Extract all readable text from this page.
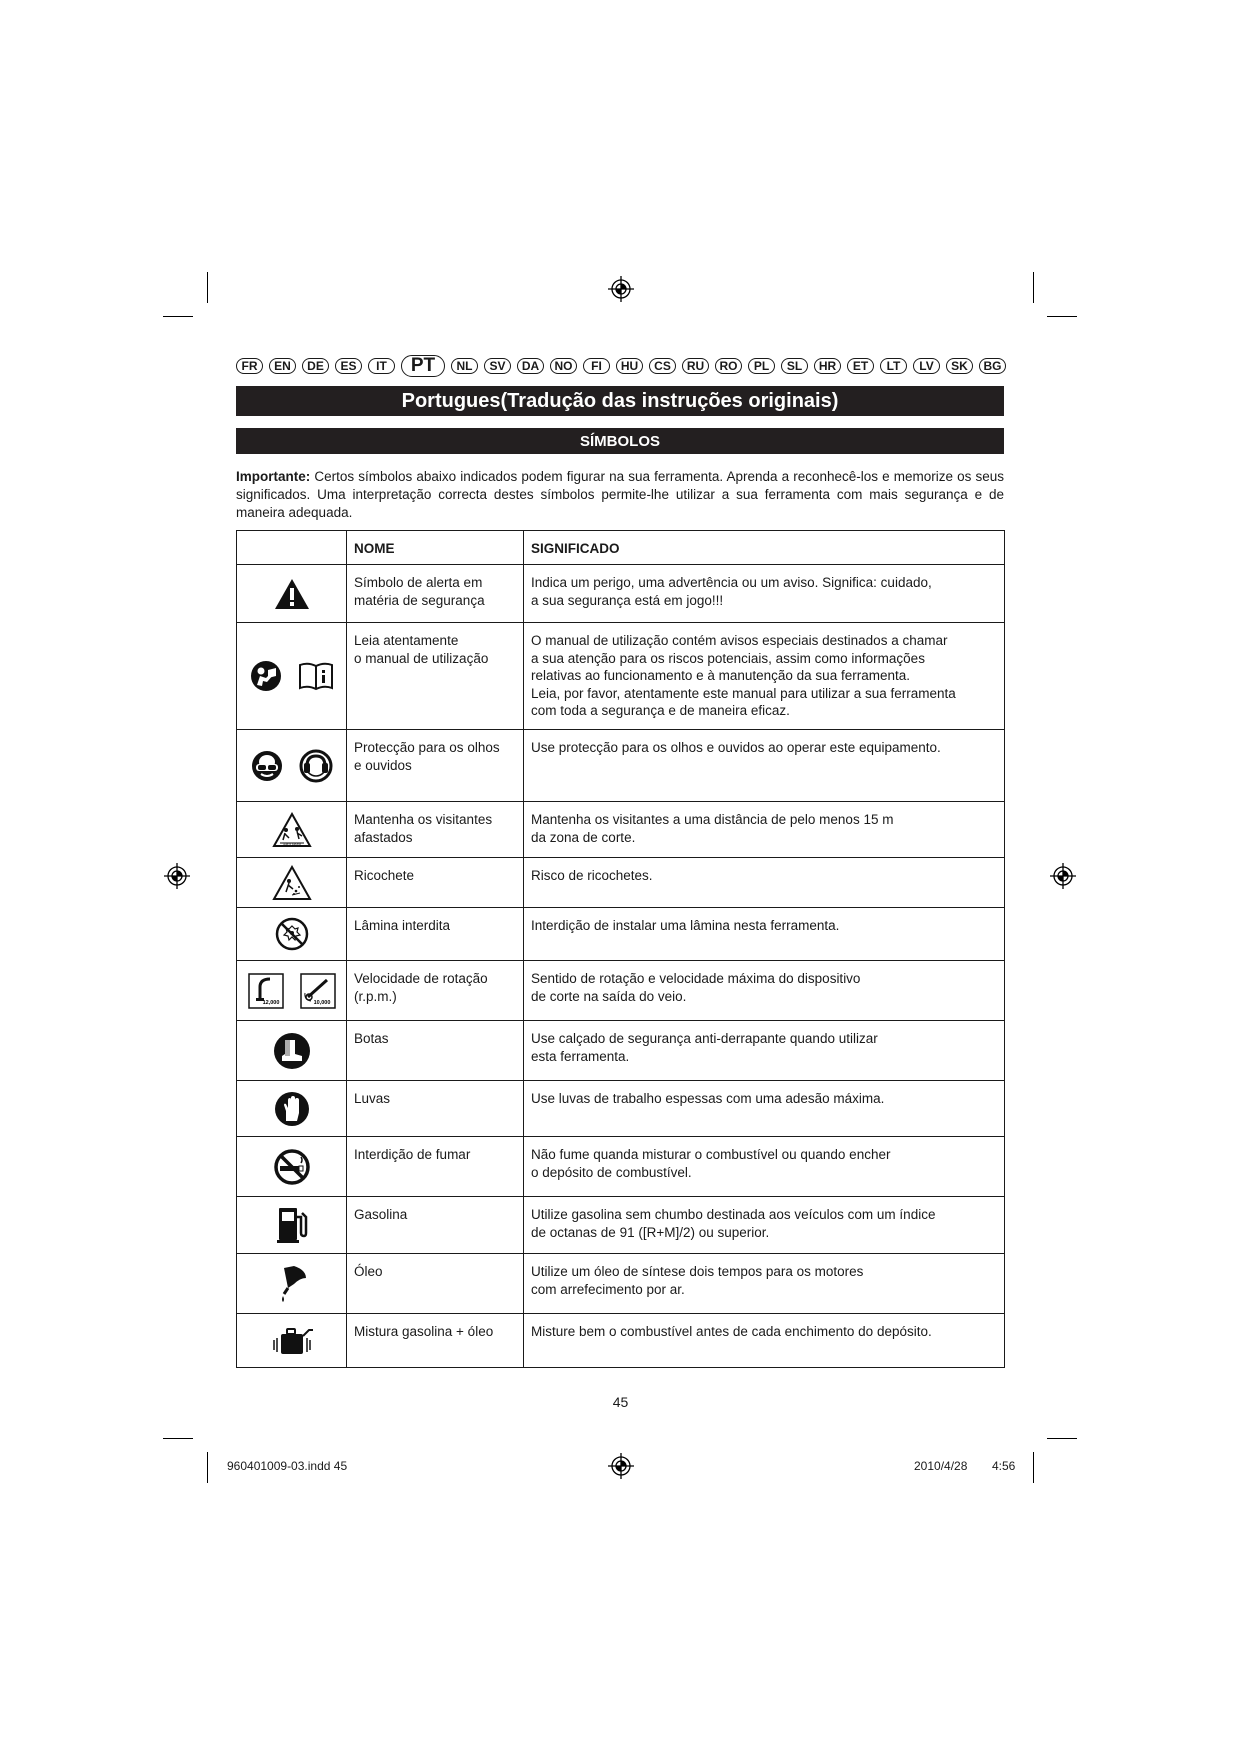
FR	EN	DE	ES	IT	PT	NL	SV	DA	NO	FI	HU	CS	RU	RO	PL	SL	HR	ET	LT	LV	SK	BG
Portugues(Tradução das instruções originais)
SÍMBOLOS
Importante: Certos símbolos abaixo indicados podem figurar na sua ferramenta. Aprenda a reconhecê-los e memorize os seus significados. Uma interpretação correcta destes símbolos permite-lhe utilizar a sua ferramenta com mais segurança e de maneira adequada.
	NOME	SIGNIFICADO

	Símbolo de alerta em
matéria de segurança	Indica um perigo, uma advertência ou um aviso. Significa: cuidado,
a sua segurança está em jogo!!!

	Leia atentamente
o manual de utilização	O manual de utilização contém avisos especiais destinados a chamar
a sua atenção para os riscos potenciais, assim como informações
relativas ao funcionamento e à manutenção da sua ferramenta.
Leia, por favor, atentamente este manual para utilizar a sua ferramenta
com toda a segurança e de maneira eficaz.

	Protecção para os olhos
e ouvidos	Use protecção para os olhos e ouvidos ao operar este equipamento.

15m (50ft)	Mantenha os visitantes
afastados	Mantenha os visitantes a uma distância de pelo menos 15 m
da zona de corte.

	Ricochete	Risco de ricochetes.

	Lâmina interdita	Interdição de instalar uma lâmina nesta ferramenta.

12,000 10,000	Velocidade de rotação
(r.p.m.)	Sentido de rotação e velocidade máxima do dispositivo
de corte na saída do veio.

	Botas	Use calçado de segurança anti-derrapante quando utilizar
esta ferramenta.

	Luvas	Use luvas de trabalho espessas com uma adesão máxima.

	Interdição de fumar	Não fume quanda misturar o combustível ou quando encher
o depósito de combustível.

	Gasolina	Utilize gasolina sem chumbo destinada aos veículos com um índice
de octanas de 91 ([R+M]/2) ou superior.

	Óleo	Utilize um óleo de síntese dois tempos para os motores
com arrefecimento por ar.

	Mistura gasolina + óleo	Misture bem o combustível antes de cada enchimento do depósito.
45
960401009-03.indd 45	2010/4/28 4:56
